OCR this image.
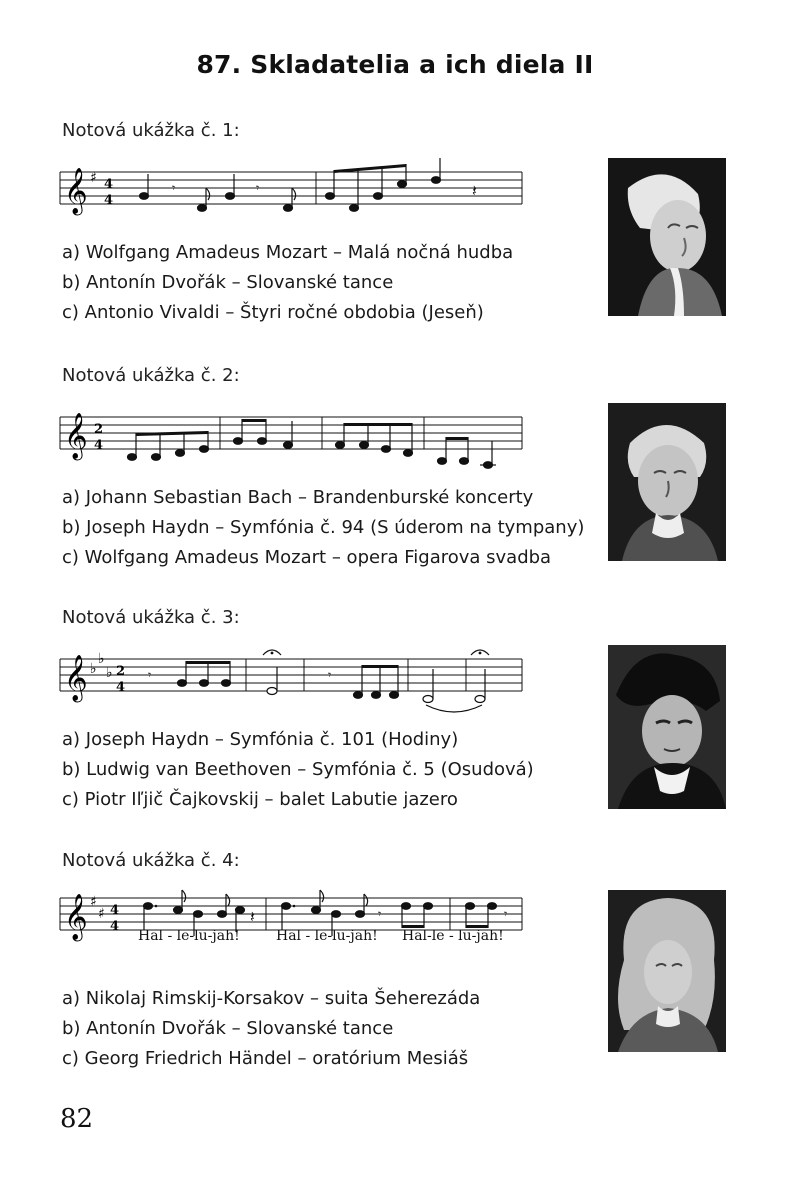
87. Skladatelia a ich diela II
Notová ukážka č. 1:
𝄞 ♯ 4
4
𝄾	𝄾	𝄽
a) Wolfgang Amadeus Mozart – Malá nočná hudba
b) Antonín Dvořák – Slovanské tance
c) Antonio Vivaldi – Štyri ročné obdobia (Jeseň)
Notová ukážka č. 2:
𝄞 2
4
a) Johann Sebastian Bach – Brandenburské koncerty
b) Joseph Haydn – Symfónia č. 94 (S úderom na tympany)
c) Wolfgang Amadeus Mozart – opera Figarova svadba
Notová ukážka č. 3:
𝄞 ♭
♭
♭ 2
4
𝄾	𝄾
a) Joseph Haydn – Symfónia č. 101 (Hodiny)
b) Ludwig van Beethoven – Symfónia č. 5 (Osudová)
c) Piotr Iľjič Čajkovskij – balet Labutie jazero
Notová ukážka č. 4:
𝄞 ♯
♯ 4
4
𝄽	𝄾	𝄾
a) Nikolaj Rimskij-Korsakov – suita Šeherezáda
b) Antonín Dvořák – Slovanské tance
c) Georg Friedrich Händel – oratórium Mesiáš
Hal - le-lu-jah!	Hal - le-lu-jah! Hal-le - lu-jah!
82
